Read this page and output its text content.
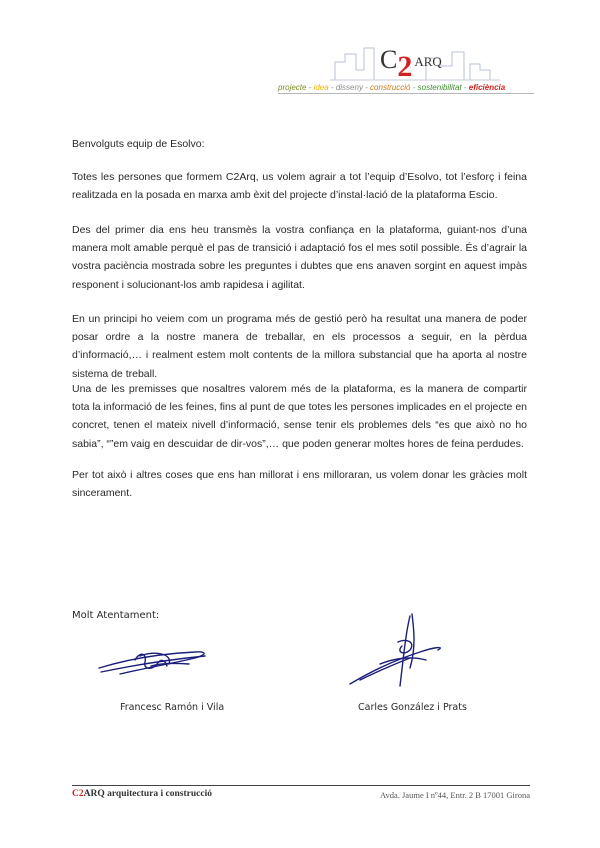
C2 ARQ
projecte - idea - disseny - construcció - sostenibilitat - eficiència
Benvolguts equip de Esolvo:
Totes les persones que formem C2Arq, us volem agrair a tot l’equip d’Esolvo, tot l’esforç i feina realitzada en la posada en marxa amb èxit del projecte d’instal·lació de la plataforma Escio.
Des del primer dia ens heu transmès la vostra confiança en la plataforma, guiant-nos d’una manera molt amable perquè el pas de transició i adaptació fos el mes sotil possible. És d’agrair la vostra paciència mostrada sobre les preguntes i dubtes que ens anaven sorgint en aquest impàs responent i solucionant-los amb rapidesa i agilitat.
En un principi ho veiem com un programa més de gestió però ha resultat una manera de poder posar ordre a la nostre manera de treballar, en els processos a seguir, en la pèrdua d’informació,… i realment estem molt contents de la millora substancial que ha aporta al nostre sistema de treball.
Una de les premisses que nosaltres valorem més de la plataforma, es la manera de compartir tota la informació de les feines, fins al punt de que totes les persones implicades en el projecte en concret, tenen el mateix nivell d’informació, sense tenir els problemes dels “es que això no ho sabia”, “”em vaig en descuidar de dir-vos”,… que poden generar moltes hores de feina perdudes.
Per tot això i altres coses que ens han millorat i ens milloraran, us volem donar les gràcies molt sincerament.
Molt Atentament:
Francesc Ramón i Vila	Carles González i Prats
C2ARQ arquitectura i construcció	Avda. Jaume I nº44, Entr. 2 B 17001 Girona
